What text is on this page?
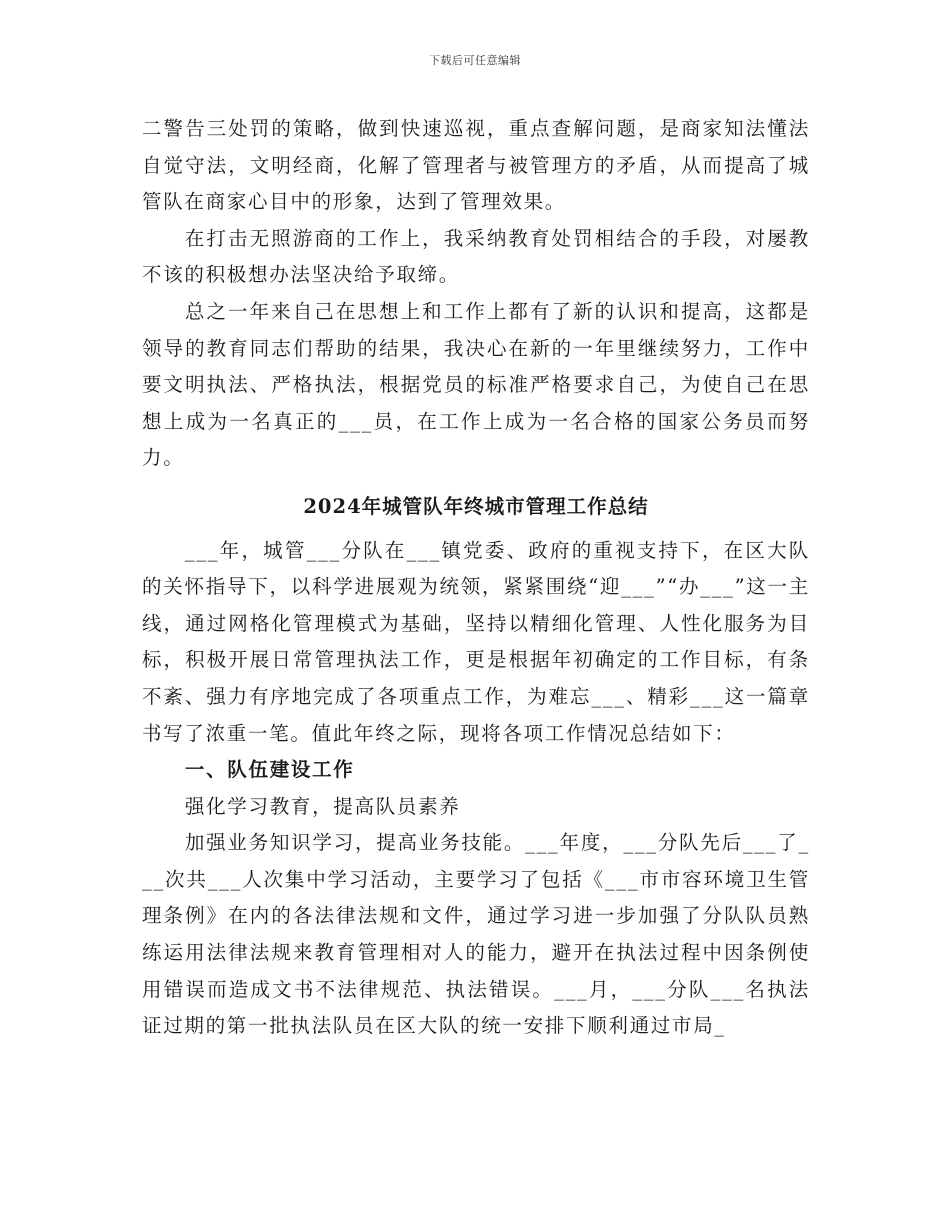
下载后可任意编辑

二警告三处罚的策略，做到快速巡视，重点查解问题，是商家知法懂法自觉守法，文明经商，化解了管理者与被管理方的矛盾，从而提高了城管队在商家心目中的形象，达到了管理效果。

在打击无照游商的工作上，我采纳教育处罚相结合的手段，对屡教不该的积极想办法坚决给予取缔。

总之一年来自己在思想上和工作上都有了新的认识和提高，这都是领导的教育同志们帮助的结果，我决心在新的一年里继续努力，工作中要文明执法、严格执法，根据党员的标准严格要求自己，为使自己在思想上成为一名真正的___员，在工作上成为一名合格的国家公务员而努力。

2024年城管队年终城市管理工作总结

___年，城管___分队在___镇党委、政府的重视支持下，在区大队的关怀指导下，以科学进展观为统领，紧紧围绕“迎___”“办___”这一主线，通过网格化管理模式为基础，坚持以精细化管理、人性化服务为目标，积极开展日常管理执法工作，更是根据年初确定的工作目标，有条不紊、强力有序地完成了各项重点工作，为难忘___、精彩___这一篇章书写了浓重一笔。值此年终之际，现将各项工作情况总结如下：

一、队伍建设工作

强化学习教育，提高队员素养

加强业务知识学习，提高业务技能。___年度，___分队先后___了___次共___人次集中学习活动，主要学习了包括《___市市容环境卫生管理条例》在内的各法律法规和文件，通过学习进一步加强了分队队员熟练运用法律法规来教育管理相对人的能力，避开在执法过程中因条例使用错误而造成文书不法律规范、执法错误。___月，___分队___名执法证过期的第一批执法队员在区大队的统一安排下顺利通过市局_
